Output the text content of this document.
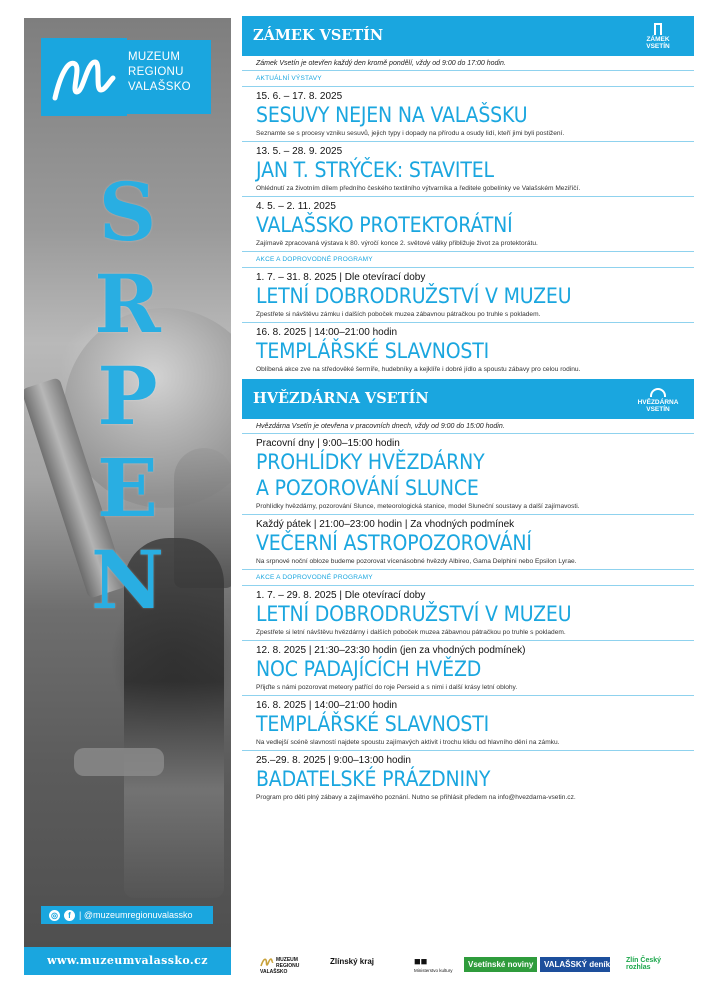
MUZEUM
REGIONU
VALAŠSKO
S
R
P
E
N
◎	f | @muzeumregionuvalassko
www.muzeumvalassko.cz
ZÁMEK VSETÍN	ZÁMEK VSETÍN
Zámek Vsetín je otevřen každý den kromě pondělí, vždy od 9:00 do 17:00 hodin.
AKTUÁLNÍ VÝSTAVY
15. 6. – 17. 8. 2025
SESUVY NEJEN NA VALAŠSKU
Seznamte se s procesy vzniku sesuvů, jejich typy i dopady na přírodu a osudy lidí, kteří jimi byli postižení.
13. 5. – 28. 9. 2025
JAN T. STRÝČEK: STAVITEL
Ohlédnutí za životním dílem předního českého textilního výtvarníka a ředitele gobelínky ve Valašském Meziříčí.
4. 5. – 2. 11. 2025
VALAŠSKO PROTEKTORÁTNÍ
Zajímavě zpracovaná výstava k 80. výročí konce 2. světové války přibližuje život za protektorátu.
AKCE A DOPROVODNÉ PROGRAMY
1. 7. – 31. 8. 2025 | Dle otevírací doby
LETNÍ DOBRODRUŽSTVÍ V MUZEU
Zpestřete si návštěvu zámku i dalších poboček muzea zábavnou pátračkou po truhle s pokladem.
16. 8. 2025 | 14:00–21:00 hodin
TEMPLÁŘSKÉ SLAVNOSTI
Oblíbená akce zve na středověké šermíře, hudebníky a kejklíře i dobré jídlo a spoustu zábavy pro celou rodinu.
HVĚZDÁRNA VSETÍN	HVĚZDÁRNA VSETÍN
Hvězdárna Vsetín je otevřena v pracovních dnech, vždy od 9:00 do 15:00 hodin.
Pracovní dny | 9:00–15:00 hodin
PROHLÍDKY HVĚZDÁRNY
A POZOROVÁNÍ SLUNCE
Prohlídky hvězdárny, pozorování Slunce, meteorologická stanice, model Sluneční soustavy a další zajímavosti.
Každý pátek | 21:00–23:00 hodin | Za vhodných podmínek
VEČERNÍ ASTROPOZOROVÁNÍ
Na srpnové noční obloze budeme pozorovat vícenásobné hvězdy Albireo, Gama Delphini nebo Epsilon Lyrae.
AKCE A DOPROVODNÉ PROGRAMY
1. 7. – 29. 8. 2025 | Dle otevírací doby
LETNÍ DOBRODRUŽSTVÍ V MUZEU
Zpestřete si letní návštěvu hvězdárny i dalších poboček muzea zábavnou pátračkou po truhle s pokladem.
12. 8. 2025 | 21:30–23:30 hodin (jen za vhodných podmínek)
NOC PADAJÍCÍCH HVĚZD
Přijďte s námi pozorovat meteory patřící do roje Perseid a s nimi i další krásy letní oblohy.
16. 8. 2025 | 14:00–21:00 hodin
TEMPLÁŘSKÉ SLAVNOSTI
Na vedlejší scéně slavností najdete spoustu zajímavých aktivit i trochu klidu od hlavního dění na zámku.
25.–29. 8. 2025 | 9:00–13:00 hodin
BADATELSKÉ PRÁZDNINY
Program pro děti plný zábavy a zajímavého poznání. Nutno se přihlásit předem na info@hvezdarna-vsetin.cz.
MUZEUM REGIONU VALAŠSKO
Zlínský kraj	■■
Ministerstvo kultury
Vsetínské noviny	VALAŠSKÝ deník Zlín Český rozhlas
